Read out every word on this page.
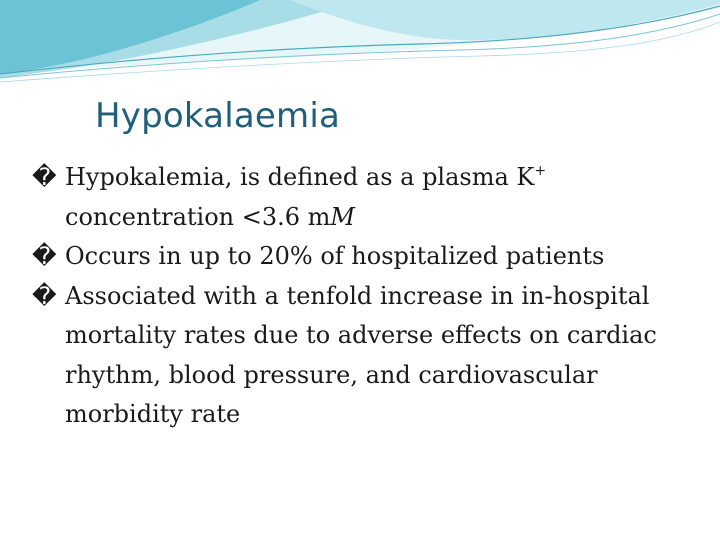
Hypokalaemia
� Hypokalemia, is defined as a plasma K+ concentration <3.6 mM
� Occurs in up to 20% of hospitalized patients
� Associated with a tenfold increase in in-hospital mortality rates due to adverse effects on cardiac rhythm, blood pressure, and cardiovascular morbidity rate
